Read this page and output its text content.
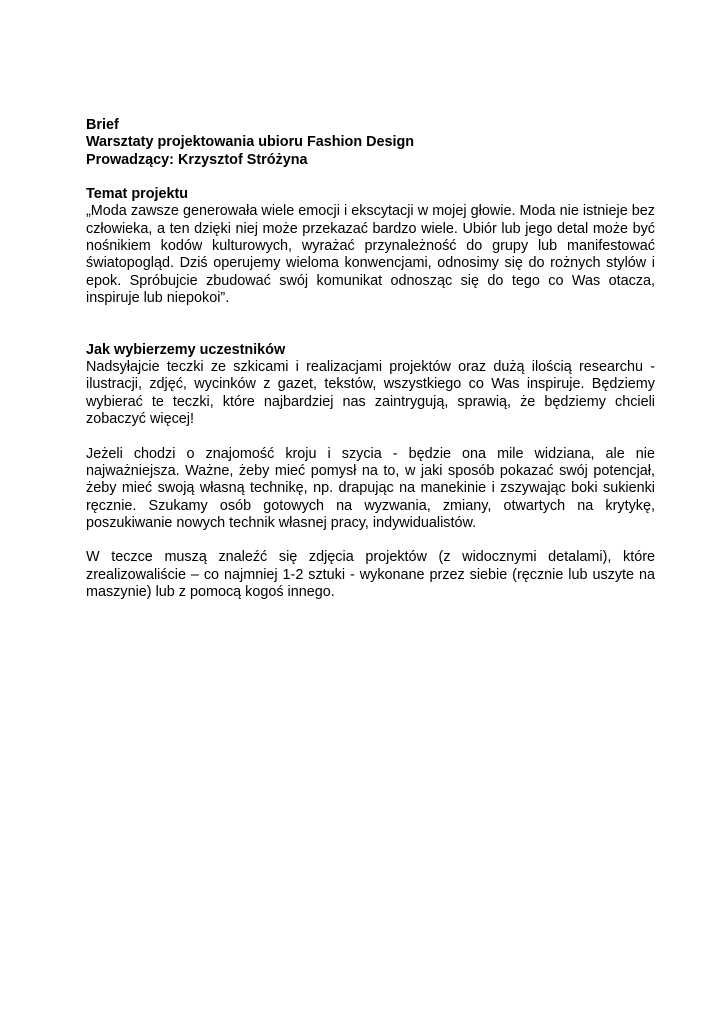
Brief
Warsztaty projektowania ubioru Fashion Design
Prowadzący: Krzysztof Stróżyna
Temat projektu

„Moda zawsze generowała wiele emocji i ekscytacji w mojej głowie. Moda nie istnieje bez człowieka, a ten dzięki niej może przekazać bardzo wiele. Ubiór lub jego detal może być nośnikiem kodów kulturowych, wyrażać przynależność do grupy lub manifestować światopogląd. Dziś operujemy wieloma konwencjami, odnosimy się do rożnych stylów i epok. Spróbujcie zbudować swój komunikat odnosząc się do tego co Was otacza, inspiruje lub niepokoi”.

Jak wybierzemy uczestników

Nadsyłajcie teczki ze szkicami i realizacjami projektów oraz dużą ilością researchu - ilustracji, zdjęć, wycinków z gazet, tekstów, wszystkiego co Was inspiruje. Będziemy wybierać te teczki, które najbardziej nas zaintrygują, sprawią, że będziemy chcieli zobaczyć więcej!

Jeżeli chodzi o znajomość kroju i szycia - będzie ona mile widziana, ale nie najważniejsza. Ważne, żeby mieć pomysł na to, w jaki sposób pokazać swój potencjał, żeby mieć swoją własną technikę, np. drapując na manekinie i zszywając boki sukienki ręcznie. Szukamy osób gotowych na wyzwania, zmiany, otwartych na krytykę, poszukiwanie nowych technik własnej pracy, indywidualistów.

W teczce muszą znaleźć się zdjęcia projektów (z widocznymi detalami), które zrealizowaliście – co najmniej 1-2 sztuki - wykonane przez siebie (ręcznie lub uszyte na maszynie) lub z pomocą kogoś innego.
